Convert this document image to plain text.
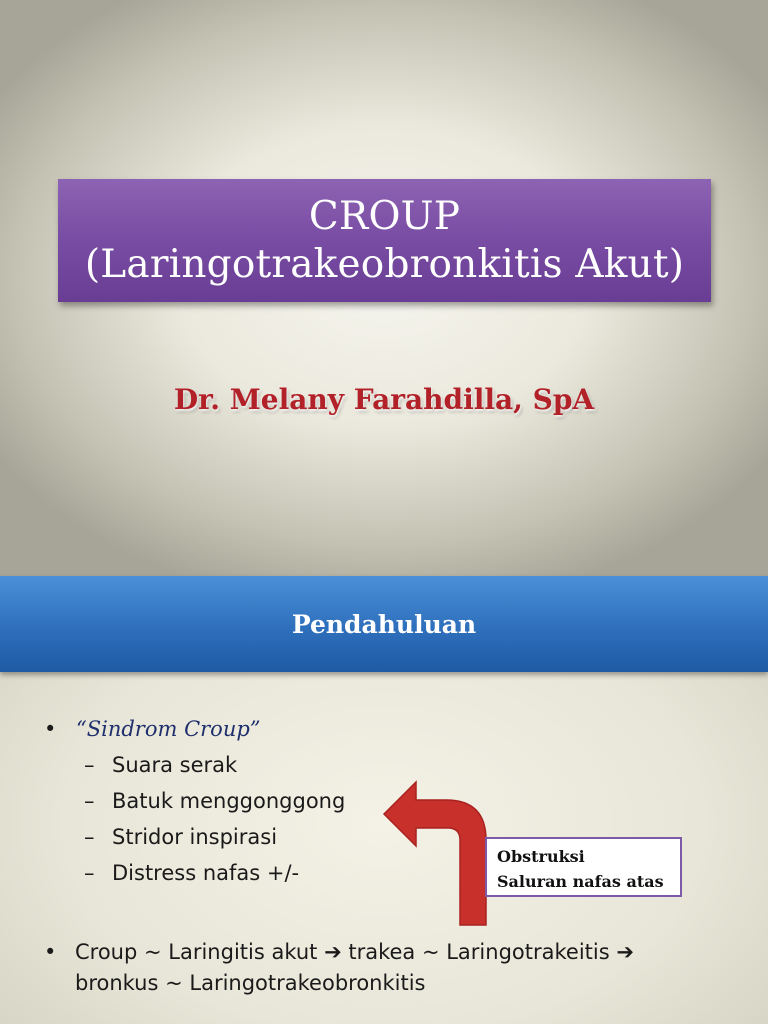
CROUP
(Laringotrakeobronkitis Akut)
Dr. Melany Farahdilla, SpA
Pendahuluan
• “Sindrom Croup”
– Suara serak
– Batuk menggonggong
– Stridor inspirasi
– Distress nafas +/-
Obstruksi
Saluran nafas atas
• Croup ~ Laringitis akut ➔ trakea ~ Laringotrakeitis ➔
bronkus ~ Laringotrakeobronkitis
